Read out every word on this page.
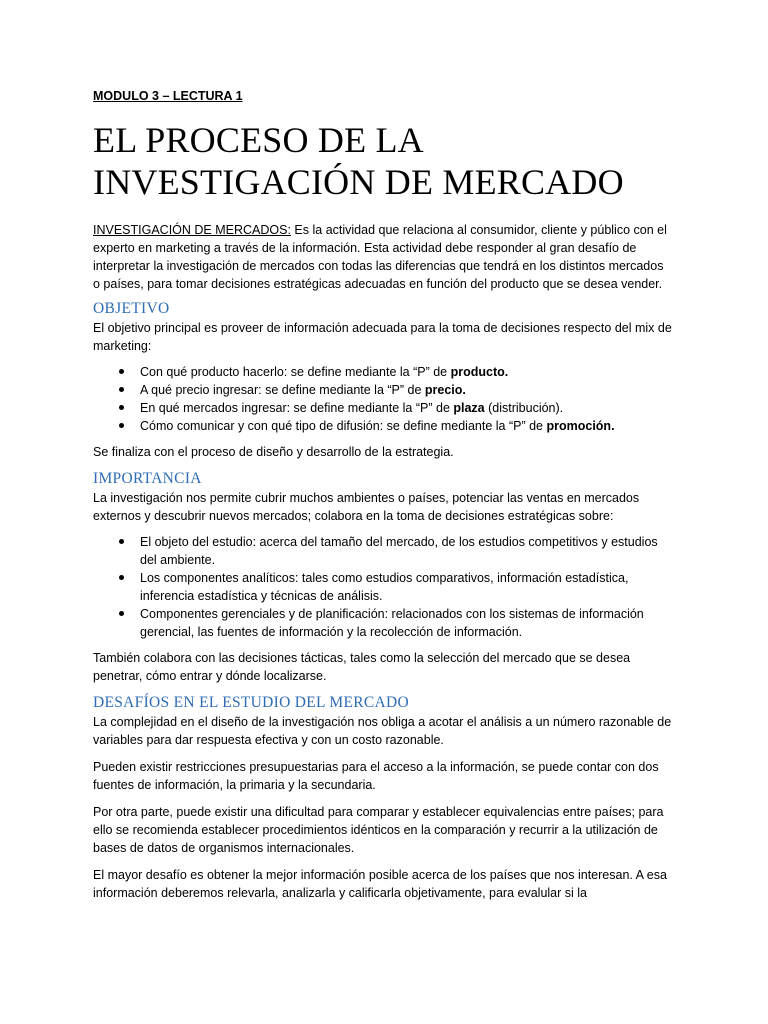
MODULO 3 – LECTURA 1

EL PROCESO DE LA
INVESTIGACIÓN DE MERCADO

INVESTIGACIÓN DE MERCADOS: Es la actividad que relaciona al consumidor, cliente y público con el experto en marketing a través de la información. Esta actividad debe responder al gran desafío de interpretar la investigación de mercados con todas las diferencias que tendrá en los distintos mercados o países, para tomar decisiones estratégicas adecuadas en función del producto que se desea vender.

OBJETIVO

El objetivo principal es proveer de información adecuada para la toma de decisiones respecto del mix de marketing:

Con qué producto hacerlo: se define mediante la “P” de producto.
A qué precio ingresar: se define mediante la “P” de precio.
En qué mercados ingresar: se define mediante la “P” de plaza (distribución).
Cómo comunicar y con qué tipo de difusión: se define mediante la “P” de promoción.

Se finaliza con el proceso de diseño y desarrollo de la estrategia.

IMPORTANCIA

La investigación nos permite cubrir muchos ambientes o países, potenciar las ventas en mercados externos y descubrir nuevos mercados; colabora en la toma de decisiones estratégicas sobre:

El objeto del estudio: acerca del tamaño del mercado, de los estudios competitivos y estudios del ambiente.
Los componentes analíticos: tales como estudios comparativos, información estadística, inferencia estadística y técnicas de análisis.
Componentes gerenciales y de planificación: relacionados con los sistemas de información gerencial, las fuentes de información y la recolección de información.

También colabora con las decisiones tácticas, tales como la selección del mercado que se desea penetrar, cómo entrar y dónde localizarse.

DESAFÍOS EN EL ESTUDIO DEL MERCADO

La complejidad en el diseño de la investigación nos obliga a acotar el análisis a un número razonable de variables para dar respuesta efectiva y con un costo razonable.

Pueden existir restricciones presupuestarias para el acceso a la información, se puede contar con dos fuentes de información, la primaria y la secundaria.

Por otra parte, puede existir una dificultad para comparar y establecer equivalencias entre países; para ello se recomienda establecer procedimientos idénticos en la comparación y recurrir a la utilización de bases de datos de organismos internacionales.

El mayor desafío es obtener la mejor información posible acerca de los países que nos interesan. A esa información deberemos relevarla, analizarla y calificarla objetivamente, para evalular si la
